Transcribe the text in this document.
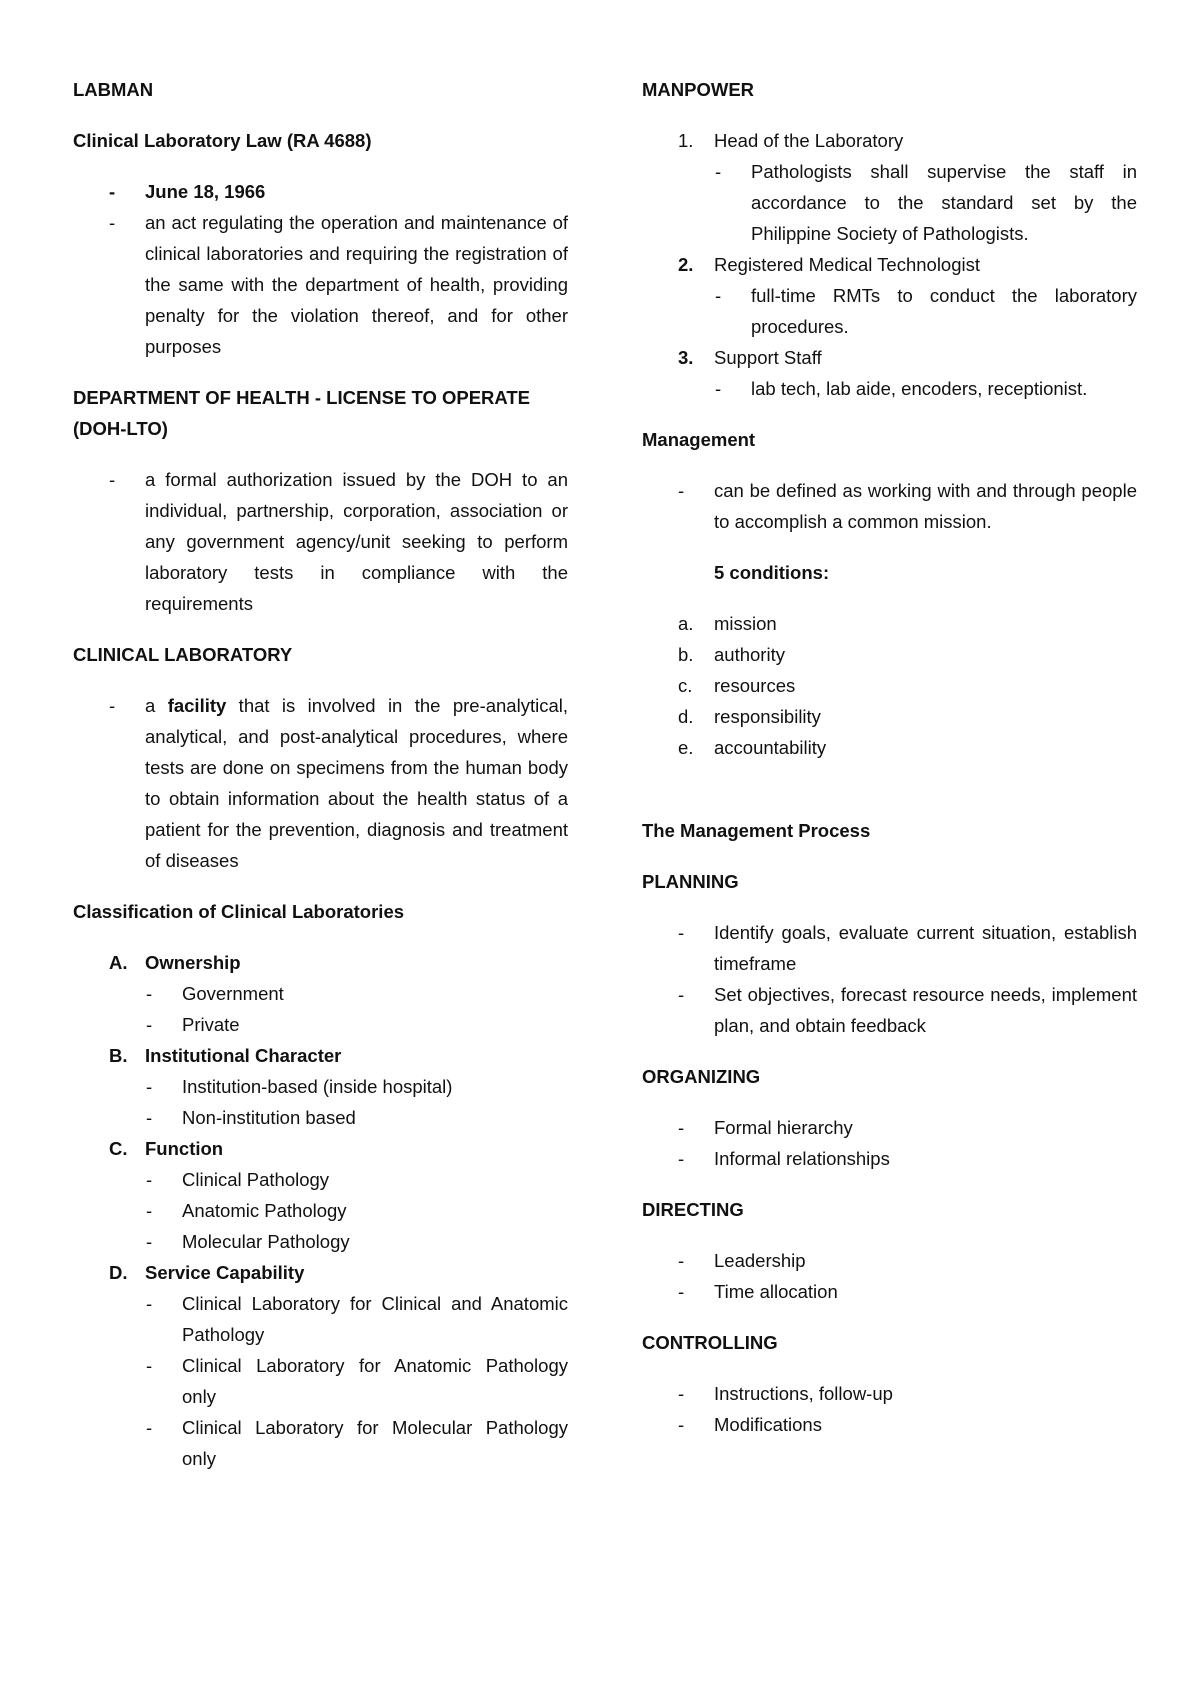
LABMAN
Clinical Laboratory Law (RA 4688)
- June 18, 1966
- an act regulating the operation and maintenance of clinical laboratories and requiring the registration of the same with the department of health, providing penalty for the violation thereof, and for other purposes
DEPARTMENT OF HEALTH - LICENSE TO OPERATE (DOH-LTO)
- a formal authorization issued by the DOH to an individual, partnership, corporation, association or any government agency/unit seeking to perform laboratory tests in compliance with the requirements
CLINICAL LABORATORY
- a facility that is involved in the pre-analytical, analytical, and post-analytical procedures, where tests are done on specimens from the human body to obtain information about the health status of a patient for the prevention, diagnosis and treatment of diseases
Classification of Clinical Laboratories
A. Ownership
- Government
- Private
B. Institutional Character
- Institution-based (inside hospital)
- Non-institution based
C. Function
- Clinical Pathology
- Anatomic Pathology
- Molecular Pathology
D. Service Capability
- Clinical Laboratory for Clinical and Anatomic Pathology
- Clinical Laboratory for Anatomic Pathology only
- Clinical Laboratory for Molecular Pathology only
MANPOWER
1. Head of the Laboratory
- Pathologists shall supervise the staff in accordance to the standard set by the Philippine Society of Pathologists.
2. Registered Medical Technologist
- full-time RMTs to conduct the laboratory procedures.
3. Support Staff
- lab tech, lab aide, encoders, receptionist.
Management
- can be defined as working with and through people to accomplish a common mission.
5 conditions:
a. mission
b. authority
c. resources
d. responsibility
e. accountability
The Management Process
PLANNING
- Identify goals, evaluate current situation, establish timeframe
- Set objectives, forecast resource needs, implement plan, and obtain feedback
ORGANIZING
- Formal hierarchy
- Informal relationships
DIRECTING
- Leadership
- Time allocation
CONTROLLING
- Instructions, follow-up
- Modifications
